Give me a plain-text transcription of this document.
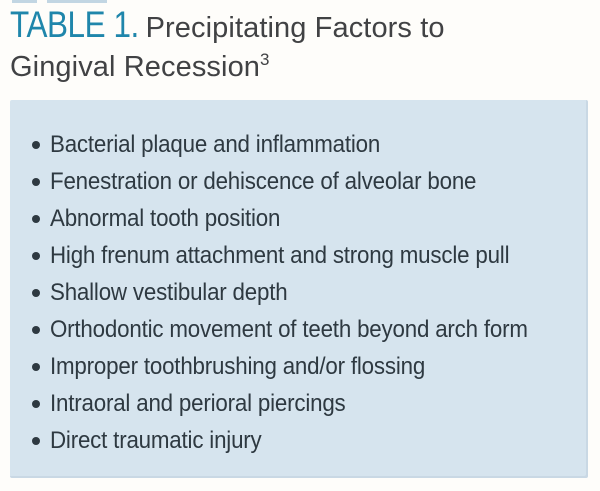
TABLE 1. Precipitating Factors to Gingival Recession$^3$
Bacterial plaque and inflammation
Fenestration or dehiscence of alveolar bone
Abnormal tooth position
High frenum attachment and strong muscle pull
Shallow vestibular depth
Orthodontic movement of teeth beyond arch form
Improper toothbrushing and/or flossing
Intraoral and perioral piercings
Direct traumatic injury
